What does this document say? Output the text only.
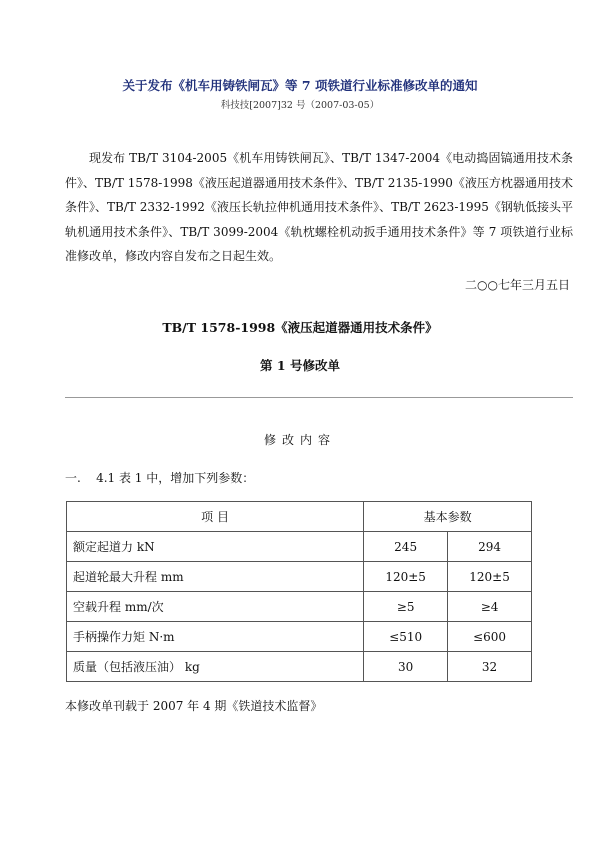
关于发布《机车用铸铁闸瓦》等 7 项铁道行业标准修改单的通知
科技技[2007]32 号（2007-03-05）

现发布 TB/T 3104-2005《机车用铸铁闸瓦》、TB/T 1347-2004《电动捣固镐通用技术条件》、TB/T 1578-1998《液压起道器通用技术条件》、TB/T 2135-1990《液压方枕器通用技术条件》、TB/T 2332-1992《液压长轨拉伸机通用技术条件》、TB/T 2623-1995《钢轨低接头平轨机通用技术条件》、TB/T 3099-2004《轨枕螺栓机动扳手通用技术条件》等 7 项铁道行业标准修改单，修改内容自发布之日起生效。

二○○七年三月五日
TB/T 1578-1998《液压起道器通用技术条件》
第 1 号修改单
修改内容
一. 4.1 表 1 中，增加下列参数：
项 目	基本参数	
额定起道力 kN	245	294
起道轮最大升程 mm	120±5	120±5
空载升程 mm/次	≥5	≥4
手柄操作力矩 N·m	≤510	≤600
质量（包括液压油） kg	30	32
本修改单刊载于 2007 年 4 期《铁道技术监督》
